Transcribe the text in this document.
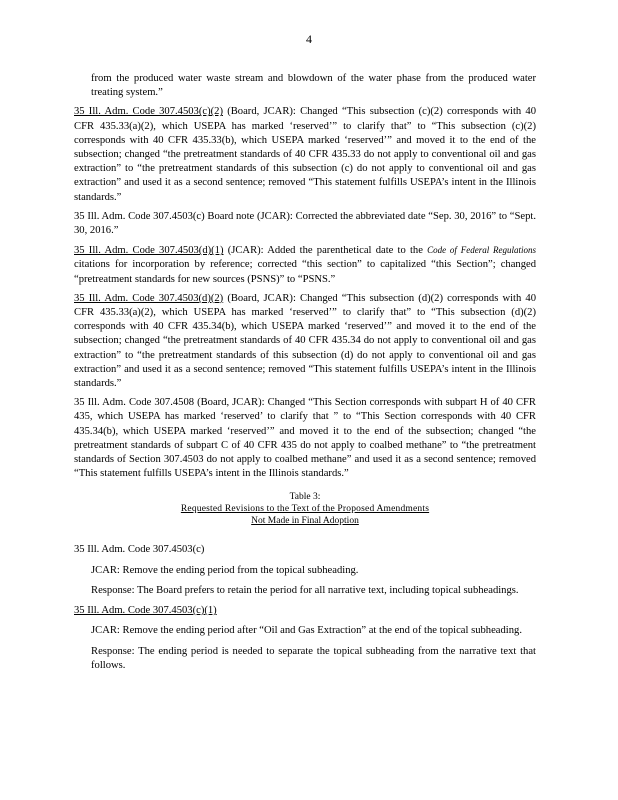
4

from the produced water waste stream and blowdown of the water phase from the produced water treating system.”

35 Ill. Adm. Code 307.4503(c)(2) (Board, JCAR): Changed “This subsection (c)(2) corresponds with 40 CFR 435.33(a)(2), which USEPA has marked ‘reserved’” to clarify that” to “This subsection (c)(2) corresponds with 40 CFR 435.33(b), which USEPA marked ‘reserved’” and moved it to the end of the subsection; changed “the pretreatment standards of 40 CFR 435.33 do not apply to conventional oil and gas extraction” to “the pretreatment standards of this subsection (c) do not apply to conventional oil and gas extraction” and used it as a second sentence; removed “This statement fulfills USEPA’s intent in the Illinois standards.”

35 Ill. Adm. Code 307.4503(c) Board note (JCAR): Corrected the abbreviated date “Sep. 30, 2016” to “Sept. 30, 2016.”

35 Ill. Adm. Code 307.4503(d)(1) (JCAR): Added the parenthetical date to the Code of Federal Regulations citations for incorporation by reference; corrected “this section” to capitalized “this Section”; changed “pretreatment standards for new sources (PSNS)” to “PSNS.”

35 Ill. Adm. Code 307.4503(d)(2) (Board, JCAR): Changed “This subsection (d)(2) corresponds with 40 CFR 435.33(a)(2), which USEPA has marked ‘reserved’” to clarify that” to “This subsection (d)(2) corresponds with 40 CFR 435.34(b), which USEPA marked ‘reserved’” and moved it to the end of the subsection; changed “the pretreatment standards of 40 CFR 435.34 do not apply to conventional oil and gas extraction” to “the pretreatment standards of this subsection (d) do not apply to conventional oil and gas extraction” and used it as a second sentence; removed “This statement fulfills USEPA’s intent in the Illinois standards.”

35 Ill. Adm. Code 307.4508 (Board, JCAR): Changed “This Section corresponds with subpart H of 40 CFR 435, which USEPA has marked ‘reserved’ to clarify that ” to “This Section corresponds with 40 CFR 435.34(b), which USEPA marked ‘reserved’” and moved it to the end of the subsection; changed “the pretreatment standards of subpart C of 40 CFR 435 do not apply to coalbed methane” to “the pretreatment standards of Section 307.4503 do not apply to coalbed methane” and used it as a second sentence; removed “This statement fulfills USEPA’s intent in the Illinois standards.”

Table 3:
Requested Revisions to the Text of the Proposed Amendments
Not Made in Final Adoption

35 Ill. Adm. Code 307.4503(c)

JCAR: Remove the ending period from the topical subheading.

Response: The Board prefers to retain the period for all narrative text, including topical subheadings.

35 Ill. Adm. Code 307.4503(c)(1)

JCAR: Remove the ending period after “Oil and Gas Extraction” at the end of the topical subheading.

Response: The ending period is needed to separate the topical subheading from the narrative text that follows.
